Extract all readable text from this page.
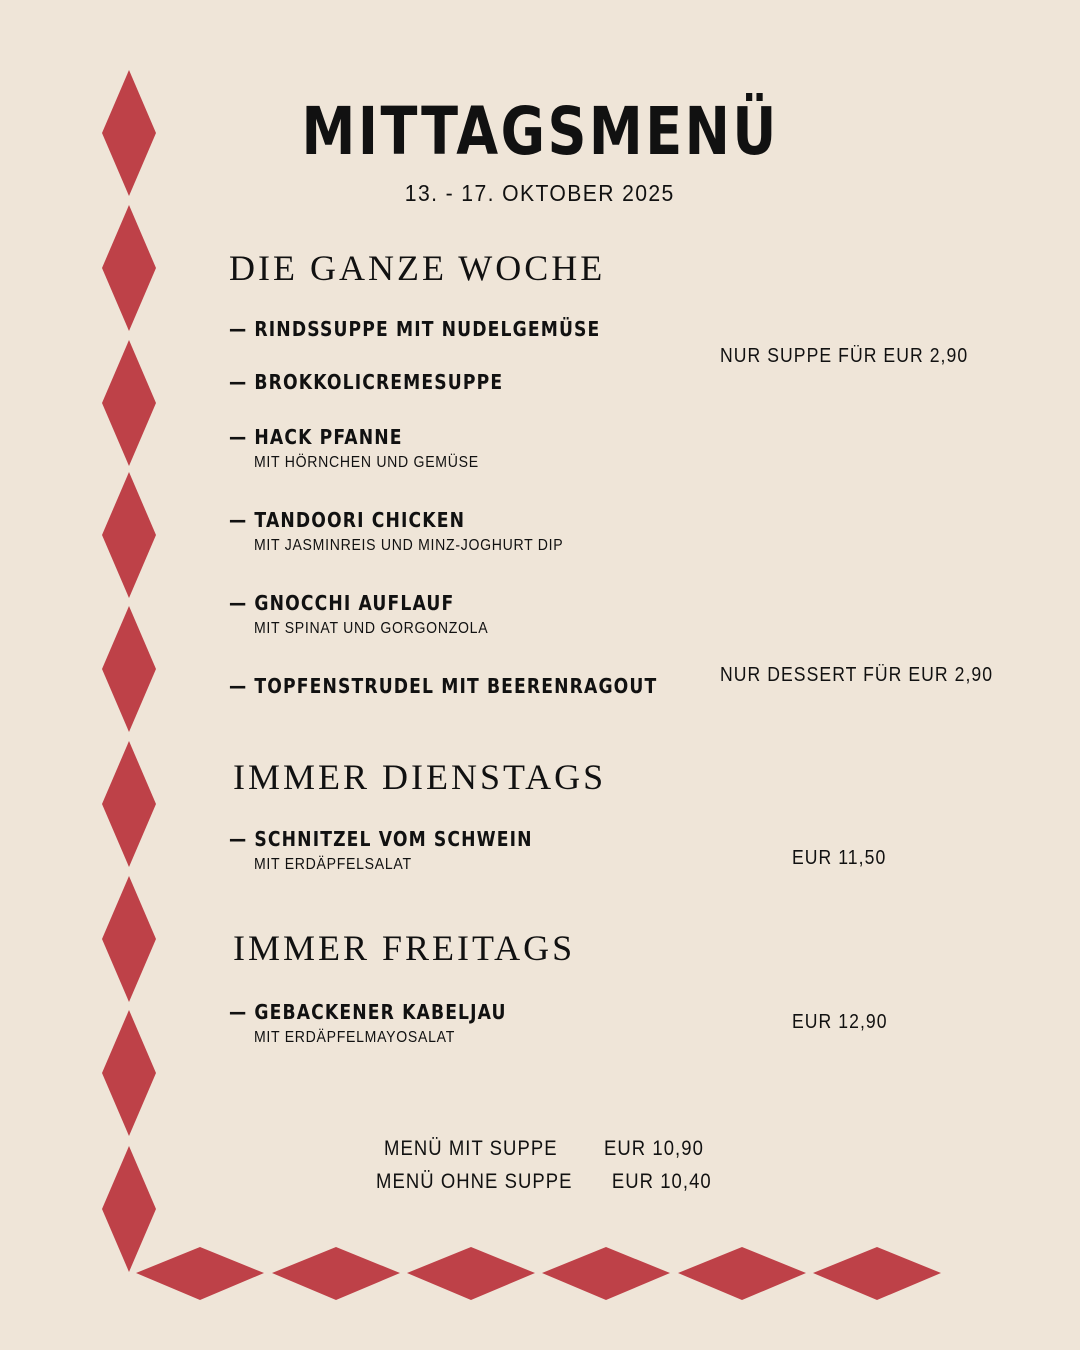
MITTAGSMENÜ
13. - 17. OKTOBER 2025
DIE GANZE WOCHE
— RINDSSUPPE MIT NUDELGEMÜSE
— BROKKOLICREMESUPPE
— HACK PFANNE
MIT HÖRNCHEN UND GEMÜSE
— TANDOORI CHICKEN
MIT JASMINREIS UND MINZ-JOGHURT DIP
— GNOCCHI AUFLAUF
MIT SPINAT UND GORGONZOLA
— TOPFENSTRUDEL MIT BEERENRAGOUT
NUR SUPPE FÜR EUR 2,90
NUR DESSERT FÜR EUR 2,90
IMMER DIENSTAGS
— SCHNITZEL VOM SCHWEIN
MIT ERDÄPFELSALAT	EUR 11,50
IMMER FREITAGS
— GEBACKENER KABELJAU
MIT ERDÄPFELMAYOSALAT
EUR 12,90
MENÜ MIT SUPPE EUR 10,90
MENÜ OHNE SUPPE EUR 10,40
